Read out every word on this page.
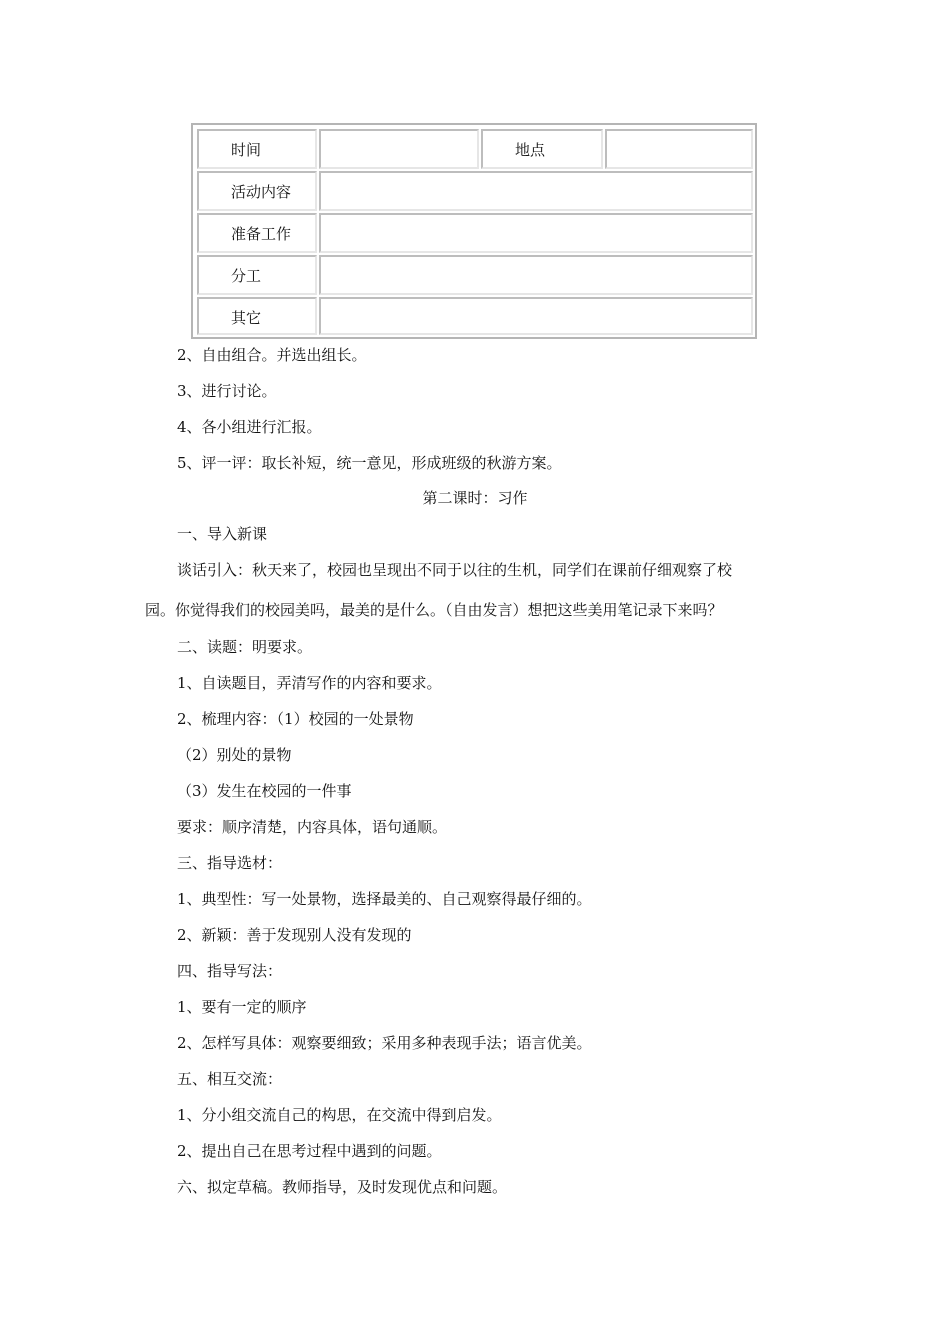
时间	地点
活动内容
准备工作
分工
其它
2、自由组合。并选出组长。
3、进行讨论。
4、各小组进行汇报。
5、评一评：取长补短，统一意见，形成班级的秋游方案。
第二课时：习作
一、导入新课
谈话引入：秋天来了，校园也呈现出不同于以往的生机，同学们在课前仔细观察了校
园。你觉得我们的校园美吗，最美的是什么。（自由发言）想把这些美用笔记录下来吗？
二、读题：明要求。
1、自读题目，弄清写作的内容和要求。
2、梳理内容：（1）校园的一处景物
（2）别处的景物
（3）发生在校园的一件事
要求：顺序清楚，内容具体，语句通顺。
三、指导选材：
1、典型性：写一处景物，选择最美的、自己观察得最仔细的。
2、新颖：善于发现别人没有发现的
四、指导写法：
1、要有一定的顺序
2、怎样写具体：观察要细致；采用多种表现手法；语言优美。
五、相互交流：
1、分小组交流自己的构思，在交流中得到启发。
2、提出自己在思考过程中遇到的问题。
六、拟定草稿。教师指导，及时发现优点和问题。
